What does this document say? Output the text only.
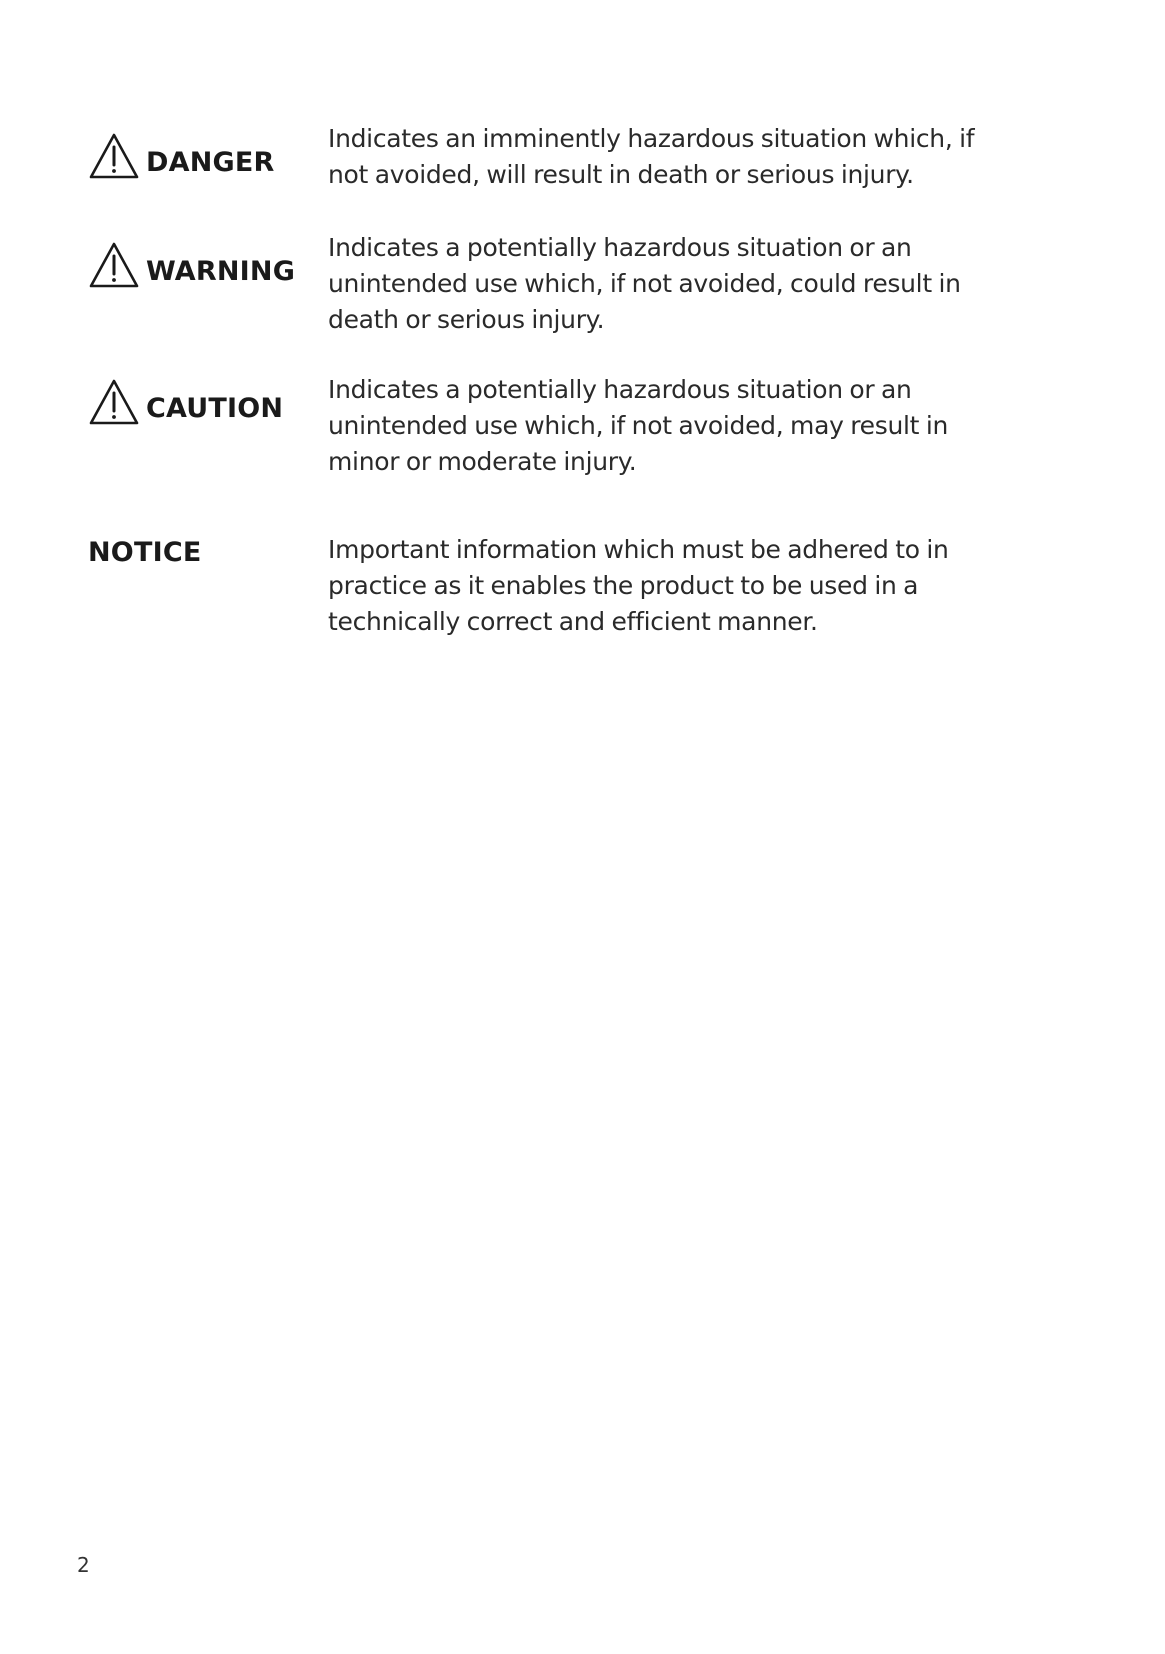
DANGER
Indicates an imminently hazardous situation which, if not avoided, will result in death or serious injury.
WARNING
Indicates a potentially hazardous situation or an unintended use which, if not avoided, could result in death or serious injury.
CAUTION
Indicates a potentially hazardous situation or an unintended use which, if not avoided, may result in minor or moderate injury.
NOTICE	Important information which must be adhered to in practice as it enables the product to be used in a technically correct and efficient manner.
2
